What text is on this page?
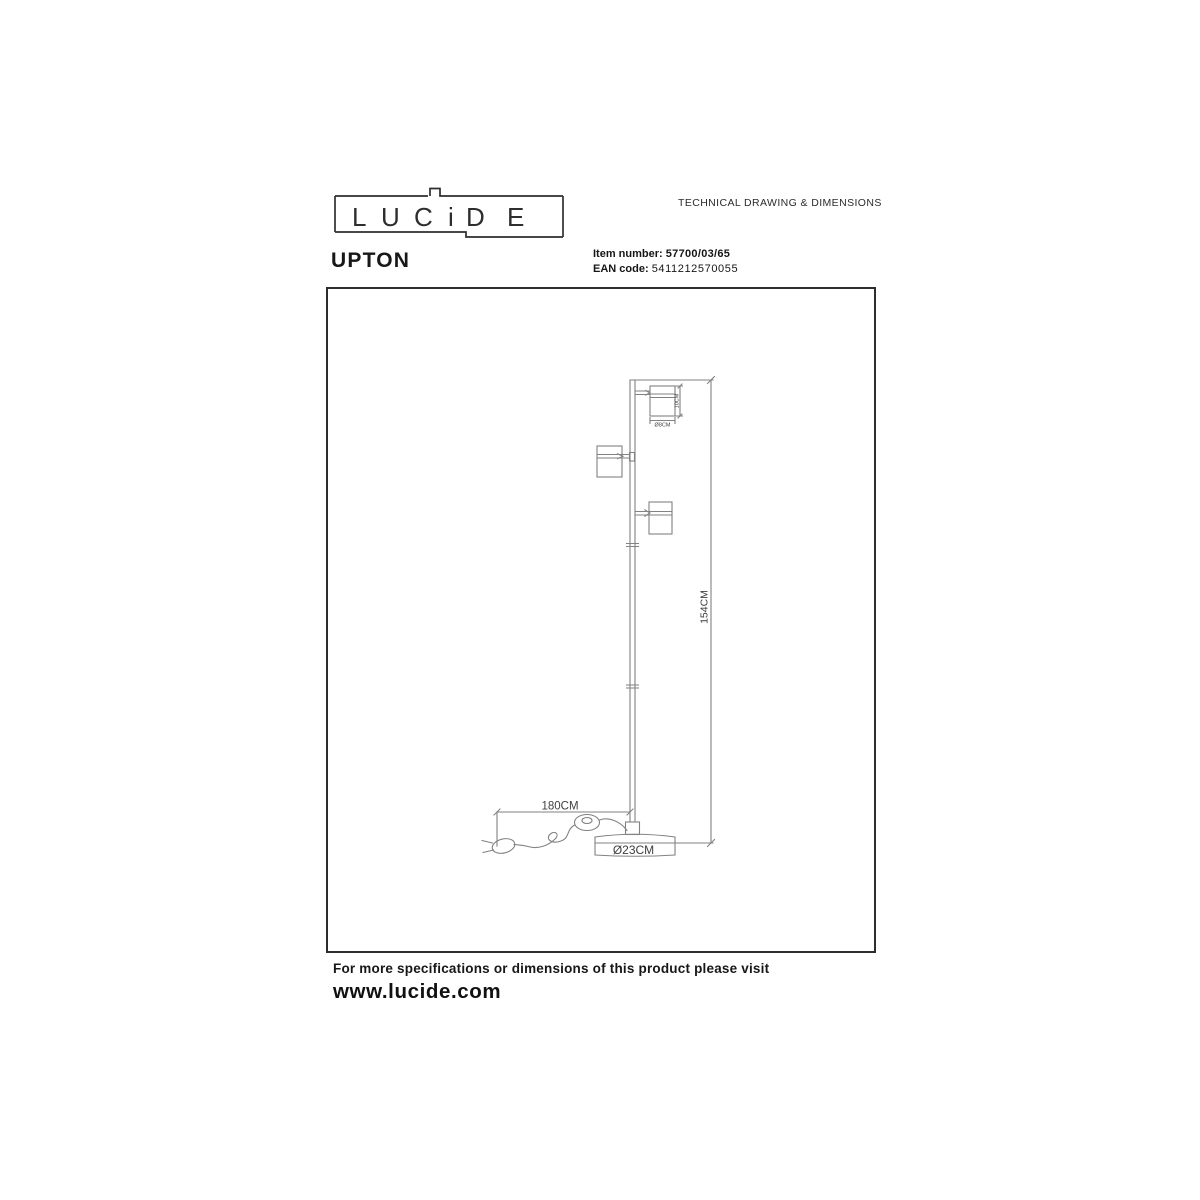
L U C i D E
154CM
180CM
Ø23CM
10CM
Ø8CM
TECHNICAL DRAWING & DIMENSIONS
UPTON	Item number: 57700/03/65
EAN code: 5411212570055
For more specifications or dimensions of this product please visit
www.lucide.com
